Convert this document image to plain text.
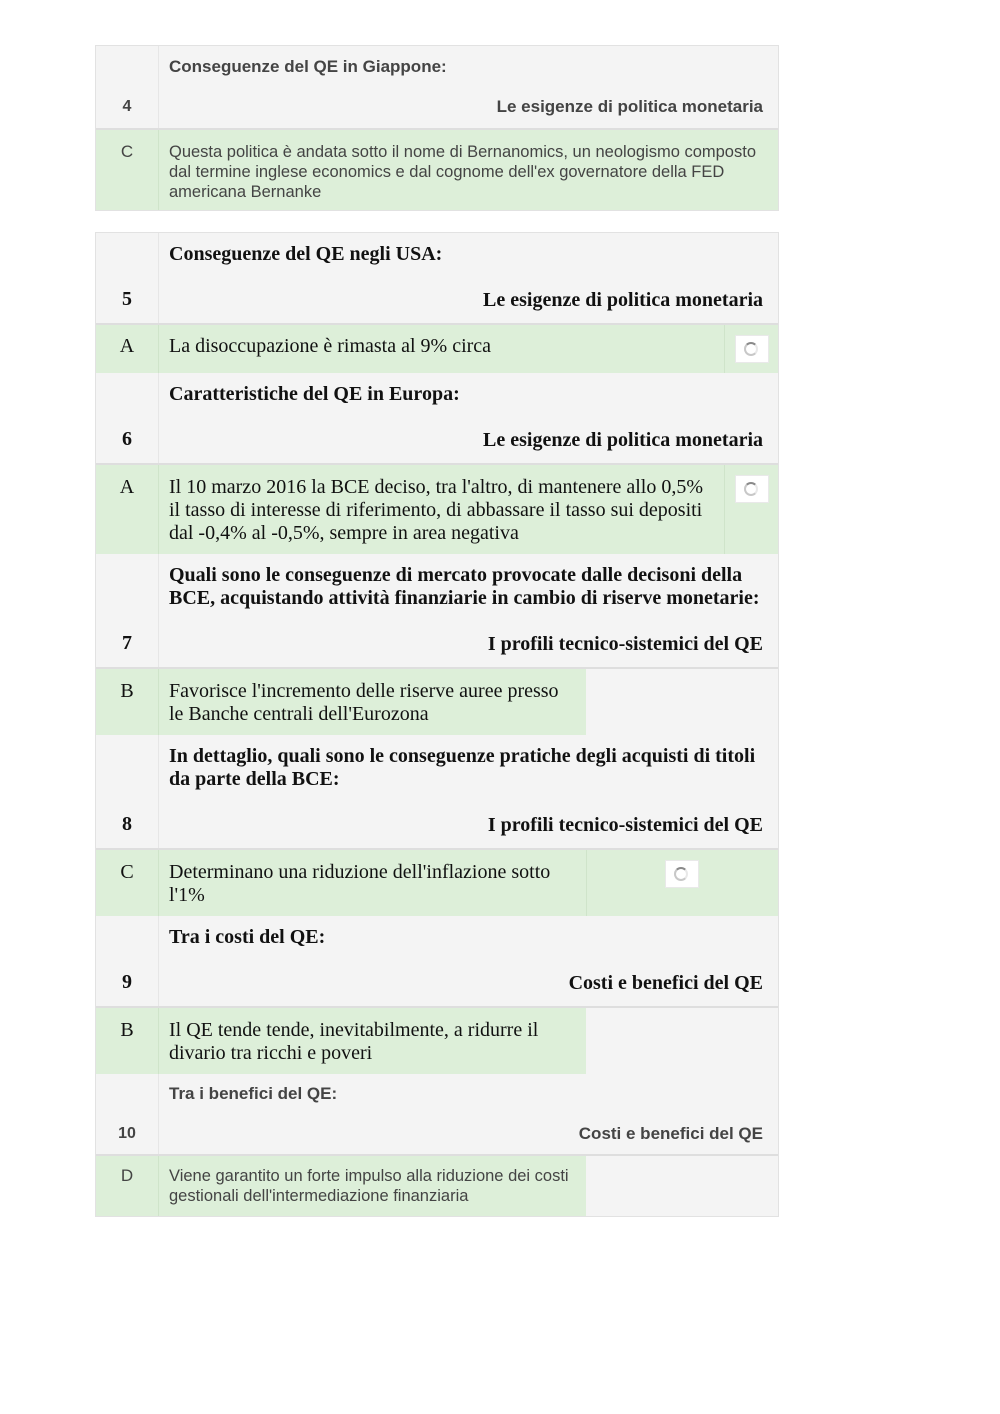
4
Conseguenze del QE in Giappone:
Le esigenze di politica monetaria
C	Questa politica è andata sotto il nome di Bernanomics, un neologismo composto dal termine inglese economics e dal cognome dell'ex governatore della FED americana Bernanke
5
Conseguenze del QE negli USA:
Le esigenze di politica monetaria
A	La disoccupazione è rimasta al 9% circa
6
Caratteristiche del QE in Europa:
Le esigenze di politica monetaria
A	Il 10 marzo 2016 la BCE deciso, tra l'altro, di mantenere allo 0,5% il tasso di interesse di riferimento, di abbassare il tasso sui depositi dal -0,4% al -0,5%, sempre in area negativa
7
Quali sono le conseguenze di mercato provocate dalle decisoni della BCE, acquistando attività finanziarie in cambio di riserve monetarie:
I profili tecnico-sistemici del QE
B	Favorisce l'incremento delle riserve auree presso le Banche centrali dell'Eurozona
8
In dettaglio, quali sono le conseguenze pratiche degli acquisti di titoli da parte della BCE:
I profili tecnico-sistemici del QE
C	Determinano una riduzione dell'inflazione sotto l'1%
9
Tra i costi del QE:
Costi e benefici del QE
B	Il QE tende tende, inevitabilmente, a ridurre il divario tra ricchi e poveri
10
Tra i benefici del QE:
Costi e benefici del QE
D	Viene garantito un forte impulso alla riduzione dei costi gestionali dell'intermediazione finanziaria
